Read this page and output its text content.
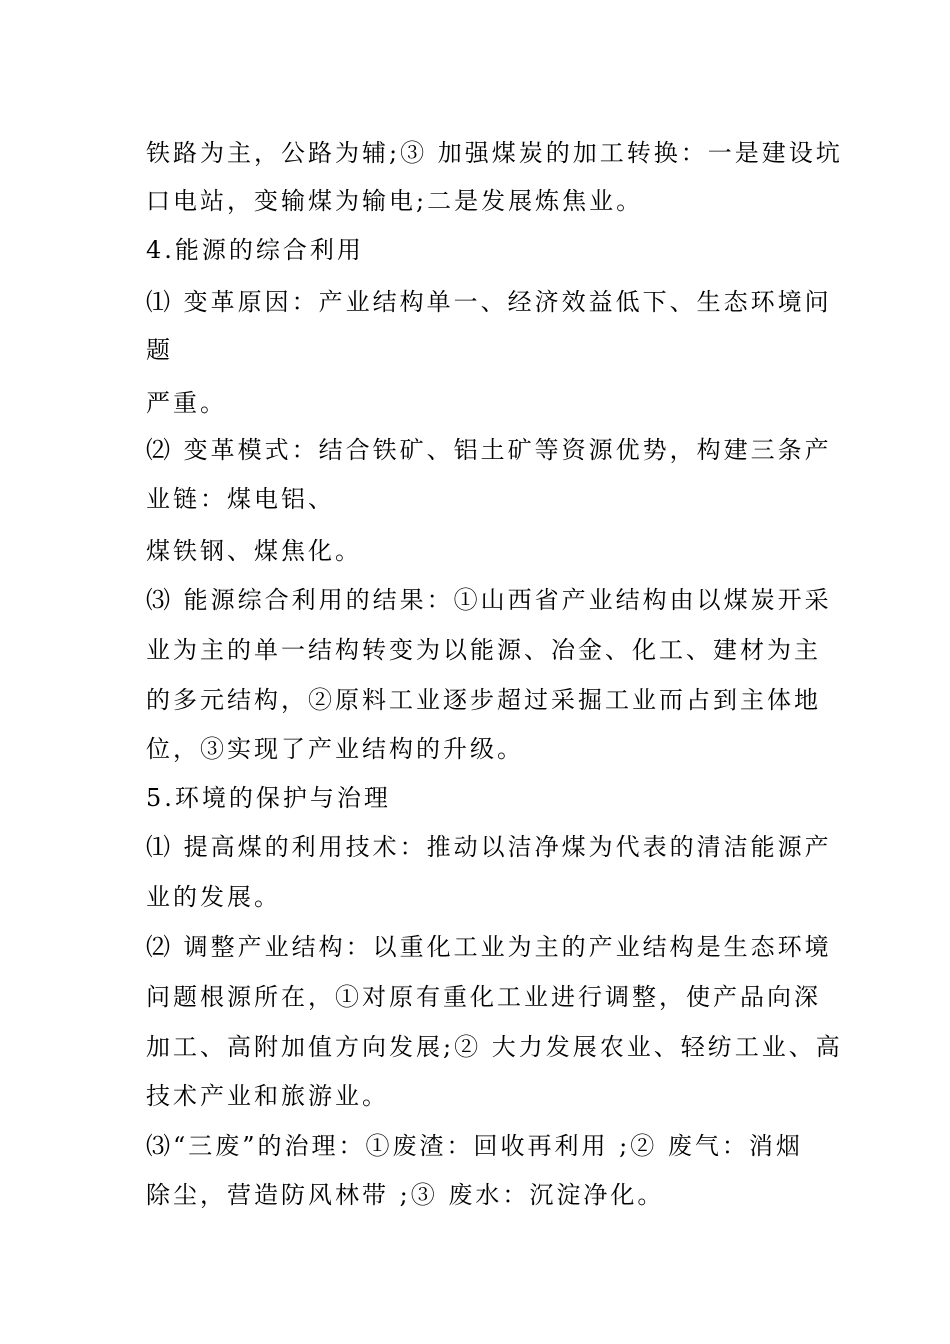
铁路为主，公路为辅;③ 加强煤炭的加工转换：一是建设坑
口电站，变输煤为输电;二是发展炼焦业。
4.能源的综合利用
⑴ 变革原因：产业结构单一、经济效益低下、生态环境问
题
严重。
⑵ 变革模式：结合铁矿、铝土矿等资源优势，构建三条产
业链：煤电铝、
煤铁钢、煤焦化。
⑶ 能源综合利用的结果：①山西省产业结构由以煤炭开采
业为主的单一结构转变为以能源、冶金、化工、建材为主
的多元结构，②原料工业逐步超过采掘工业而占到主体地
位，③实现了产业结构的升级。
5.环境的保护与治理
⑴ 提高煤的利用技术：推动以洁净煤为代表的清洁能源产
业的发展。
⑵ 调整产业结构：以重化工业为主的产业结构是生态环境
问题根源所在，①对原有重化工业进行调整，使产品向深
加工、高附加值方向发展;② 大力发展农业、轻纺工业、高
技术产业和旅游业。
⑶“三废”的治理：①废渣：回收再利用 ;② 废气：消烟
除尘，营造防风林带 ;③ 废水：沉淀净化。
